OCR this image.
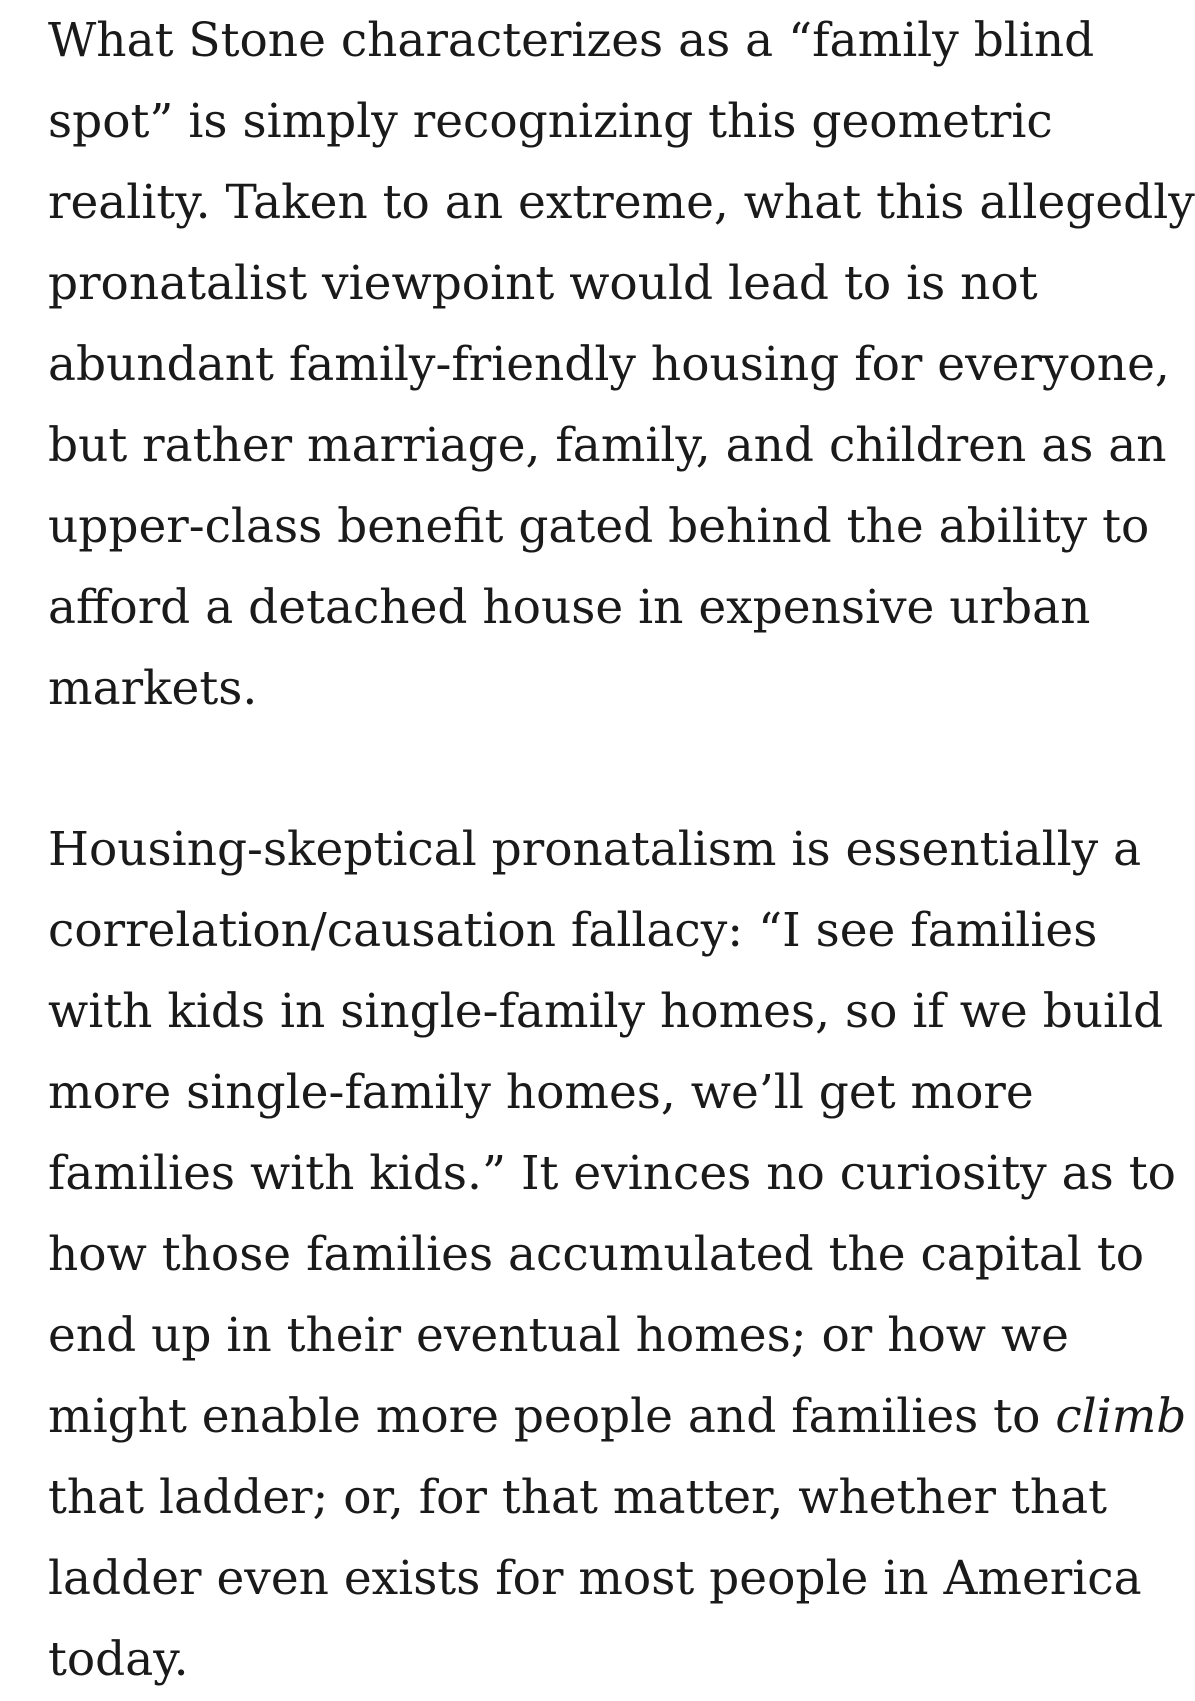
What Stone characterizes as a “family blind
spot” is simply recognizing this geometric
reality. Taken to an extreme, what this allegedly
pronatalist viewpoint would lead to is not
abundant family-friendly housing for everyone,
but rather marriage, family, and children as an
upper-class benefit gated behind the ability to
afford a detached house in expensive urban
markets.

Housing-skeptical pronatalism is essentially a
correlation/causation fallacy: “I see families
with kids in single-family homes, so if we build
more single-family homes, we’ll get more
families with kids.” It evinces no curiosity as to
how those families accumulated the capital to
end up in their eventual homes; or how we
might enable more people and families to climb
that ladder; or, for that matter, whether that
ladder even exists for most people in America
today.
